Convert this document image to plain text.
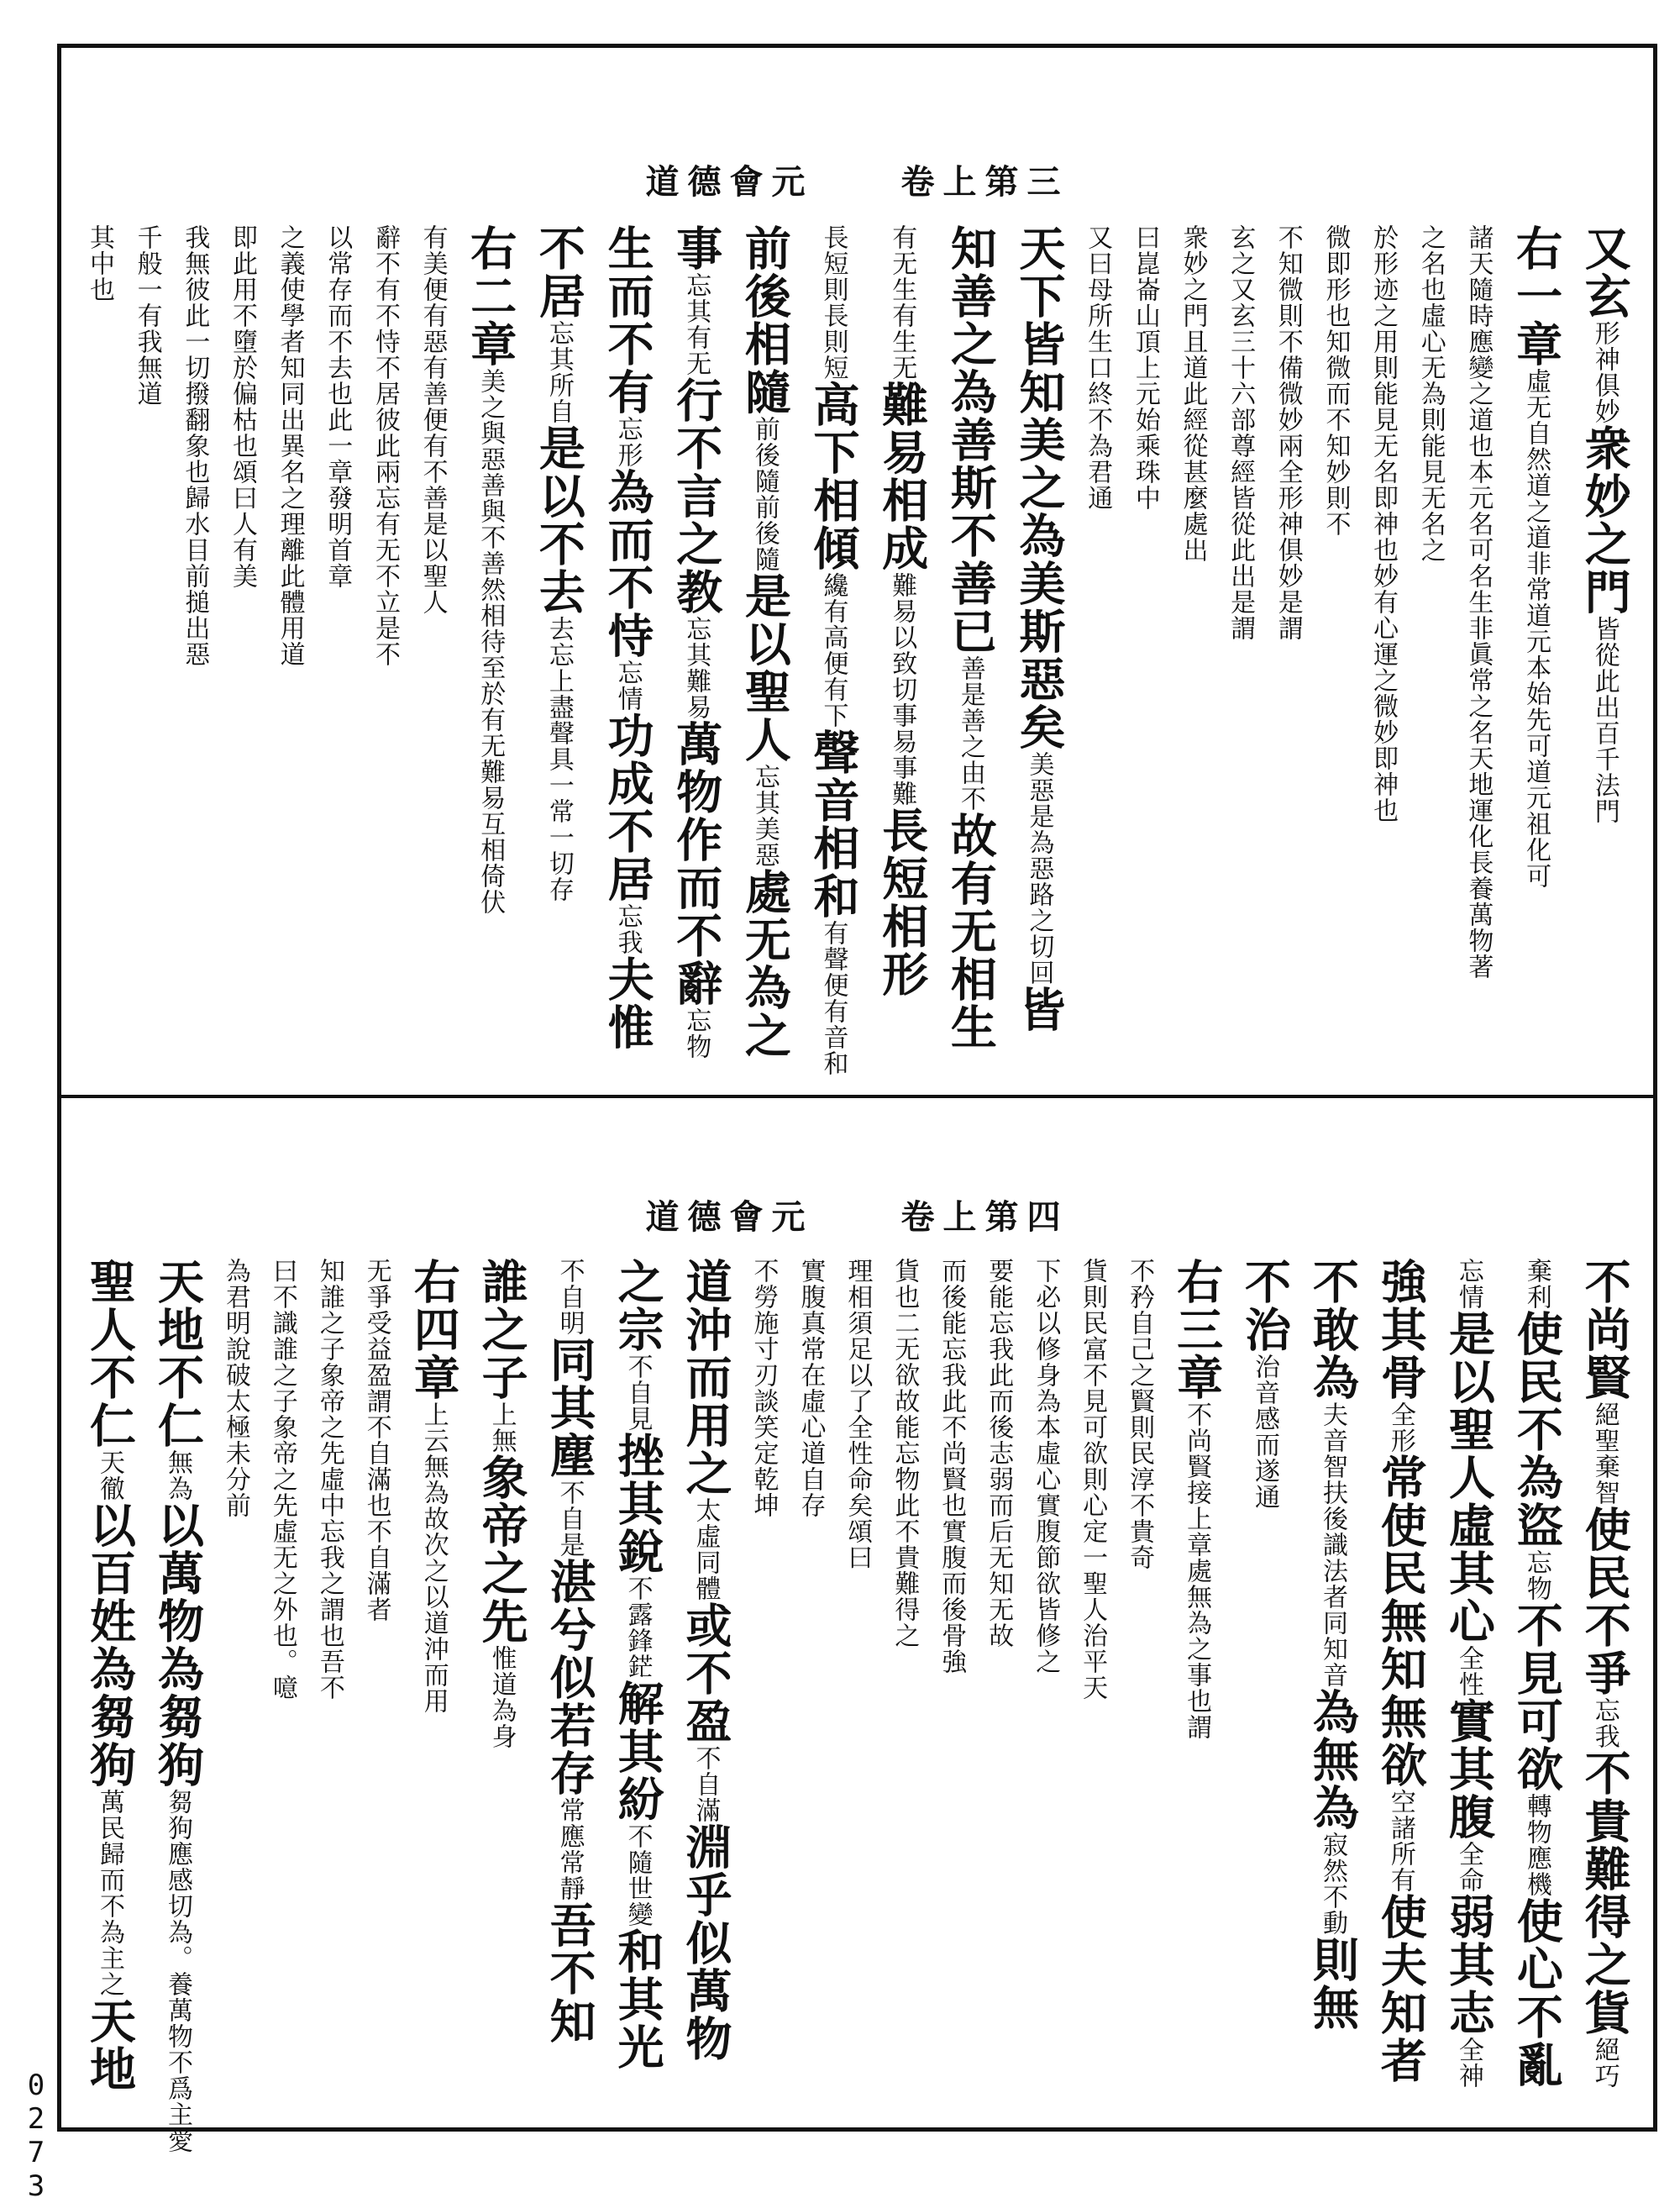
道德會元	卷上第三
又玄形神俱妙衆妙之門皆從此出百千法門
右一章虛无自然道之道非常道元本始先可道元祖化可
諸天隨時應變之道也本元名可名生非眞常之名天地運化長養萬物著
之名也虛心无為則能見无名之
於形迹之用則能見无名即神也妙有心運之微妙即神也
微即形也知微而不知妙則不
不知微則不備微妙兩全形神俱妙是謂
玄之又玄三十六部尊經皆從此出是謂
衆妙之門且道此經從甚麼處出
曰崑崙山頂上元始乘珠中
又曰母所生口終不為君通
天下皆知美之為美斯惡矣美惡是為惡路之切回皆
知善之為善斯不善已善是善之由不故有无相生
有无生有生无難易相成難易以致切事易事難長短相形
長短則長則短高下相傾纔有高便有下聲音相和有聲便有音和
前後相隨前後隨前後隨是以聖人忘其美惡處无為之
事忘其有无行不言之教忘其難易萬物作而不辭忘物
生而不有忘形為而不恃忘情功成不居忘我夫惟
不居忘其所自是以不去去忘上盡聲具一常一切存
右二章美之與惡善與不善然相待至於有无難易互相倚伏
有美便有惡有善便有不善是以聖人
辭不有不恃不居彼此兩忘有无不立是不
以常存而不去也此一章發明首章
之義使學者知同出異名之理離此體用道
即此用不墮於偏枯也頌曰人有美
我無彼此一切撥翻象也歸水目前搥出惡
千般一有我無道
其中也
道德會元	卷上第四
不尚賢絕聖棄智使民不爭忘我不貴難得之貨絕巧
棄利使民不為盜忘物不見可欲轉物應機使心不亂
忘情是以聖人虛其心全性實其腹全命弱其志全神
強其骨全形常使民無知無欲空諸所有使夫知者
不敢為夫音智扶後識法者同知音為無為寂然不動則無
不治治音感而遂通
右三章不尚賢接上章處無為之事也謂
不矜自己之賢則民淳不貴奇
貨則民富不見可欲則心定一聖人治平天
下必以修身為本虛心實腹節欲皆修之
要能忘我此而後志弱而后无知无故
而後能忘我此不尚賢也實腹而後骨強
貨也二无欲故能忘物此不貴難得之
理相須足以了全性命矣頌曰
實腹真常在虛心道自存
不勞施寸刃談笑定乾坤
道沖而用之太虛同體或不盈不自滿淵乎似萬物
之宗不自見挫其銳不露鋒鋩解其紛不隨世變和其光
不自明同其塵不自是湛兮似若存常應常靜吾不知
誰之子上無象帝之先惟道為身
右四章上云無為故次之以道沖而用
无爭受益盈謂不自滿也不自滿者
知誰之子象帝之先虛中忘我之謂也吾不
曰不識誰之子象帝之先虛无之外也。噫
為君明說破太極未分前
天地不仁無為以萬物為芻狗芻狗應感切為。養萬物不爲主愛
聖人不仁天徹以百姓為芻狗萬民歸而不為主之天地
0273
